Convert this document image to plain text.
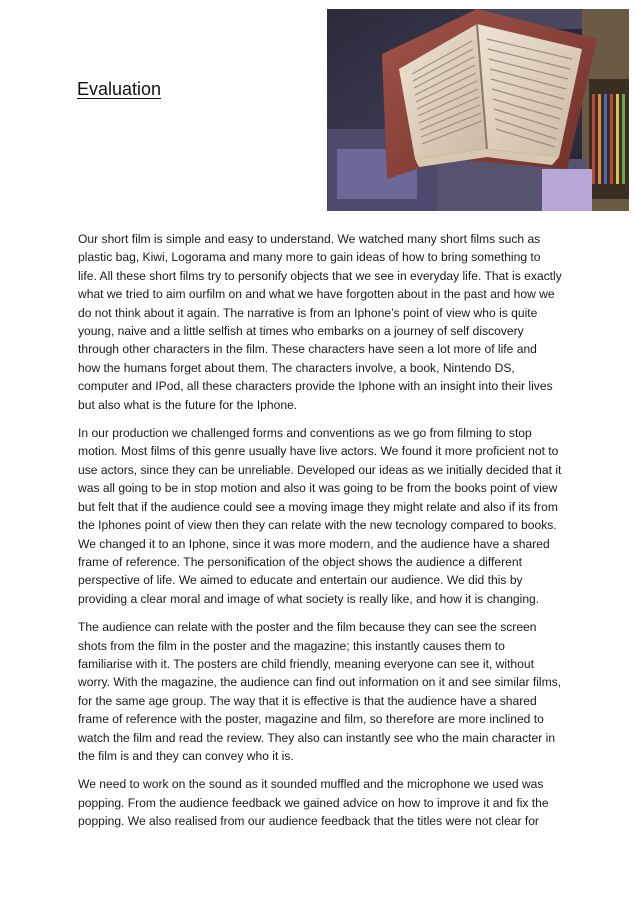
Evaluation

Our short film is simple and easy to understand. We watched many short films such as plastic bag, Kiwi, Logorama and many more to gain ideas of how to bring something to life. All these short films try to personify objects that we see in everyday life. That is exactly what we tried to aim ourfilm on and what we have forgotten about in the past and how we do not think about it again. The narrative is from an Iphone’s point of view who is quite young, naive and a little selfish at times who embarks on a journey of self discovery through other characters in the film. These characters have seen a lot more of life and how the humans forget about them. The characters involve, a book, Nintendo DS, computer and IPod, all these characters provide the Iphone with an insight into their lives but also what is the future for the Iphone.

In our production we challenged forms and conventions as we go from filming to stop motion. Most films of this genre usually have live actors. We found it more proficient not to use actors, since they can be unreliable. Developed our ideas as we initially decided that it was all going to be in stop motion and also it was going to be from the books point of view but felt that if the audience could see a moving image they might relate and also if its from the Iphones point of view then they can relate with the new tecnology compared to books. We changed it to an Iphone, since it was more modern, and the audience have a shared frame of reference. The personification of the object shows the audience a different perspective of life. We aimed to educate and entertain our audience. We did this by providing a clear moral and image of what society is really like, and how it is changing.

The audience can relate with the poster and the film because they can see the screen shots from the film in the poster and the magazine; this instantly causes them to familiarise with it. The posters are child friendly, meaning everyone can see it, without worry. With the magazine, the audience can find out information on it and see similar films, for the same age group. The way that it is effective is that the audience have a shared frame of reference with the poster, magazine and film, so therefore are more inclined to watch the film and read the review. They also can instantly see who the main character in the film is and they can convey who it is.

We need to work on the sound as it sounded muffled and the microphone we used was popping. From the audience feedback we gained advice on how to improve it and fix the popping. We also realised from our audience feedback that the titles were not clear for
